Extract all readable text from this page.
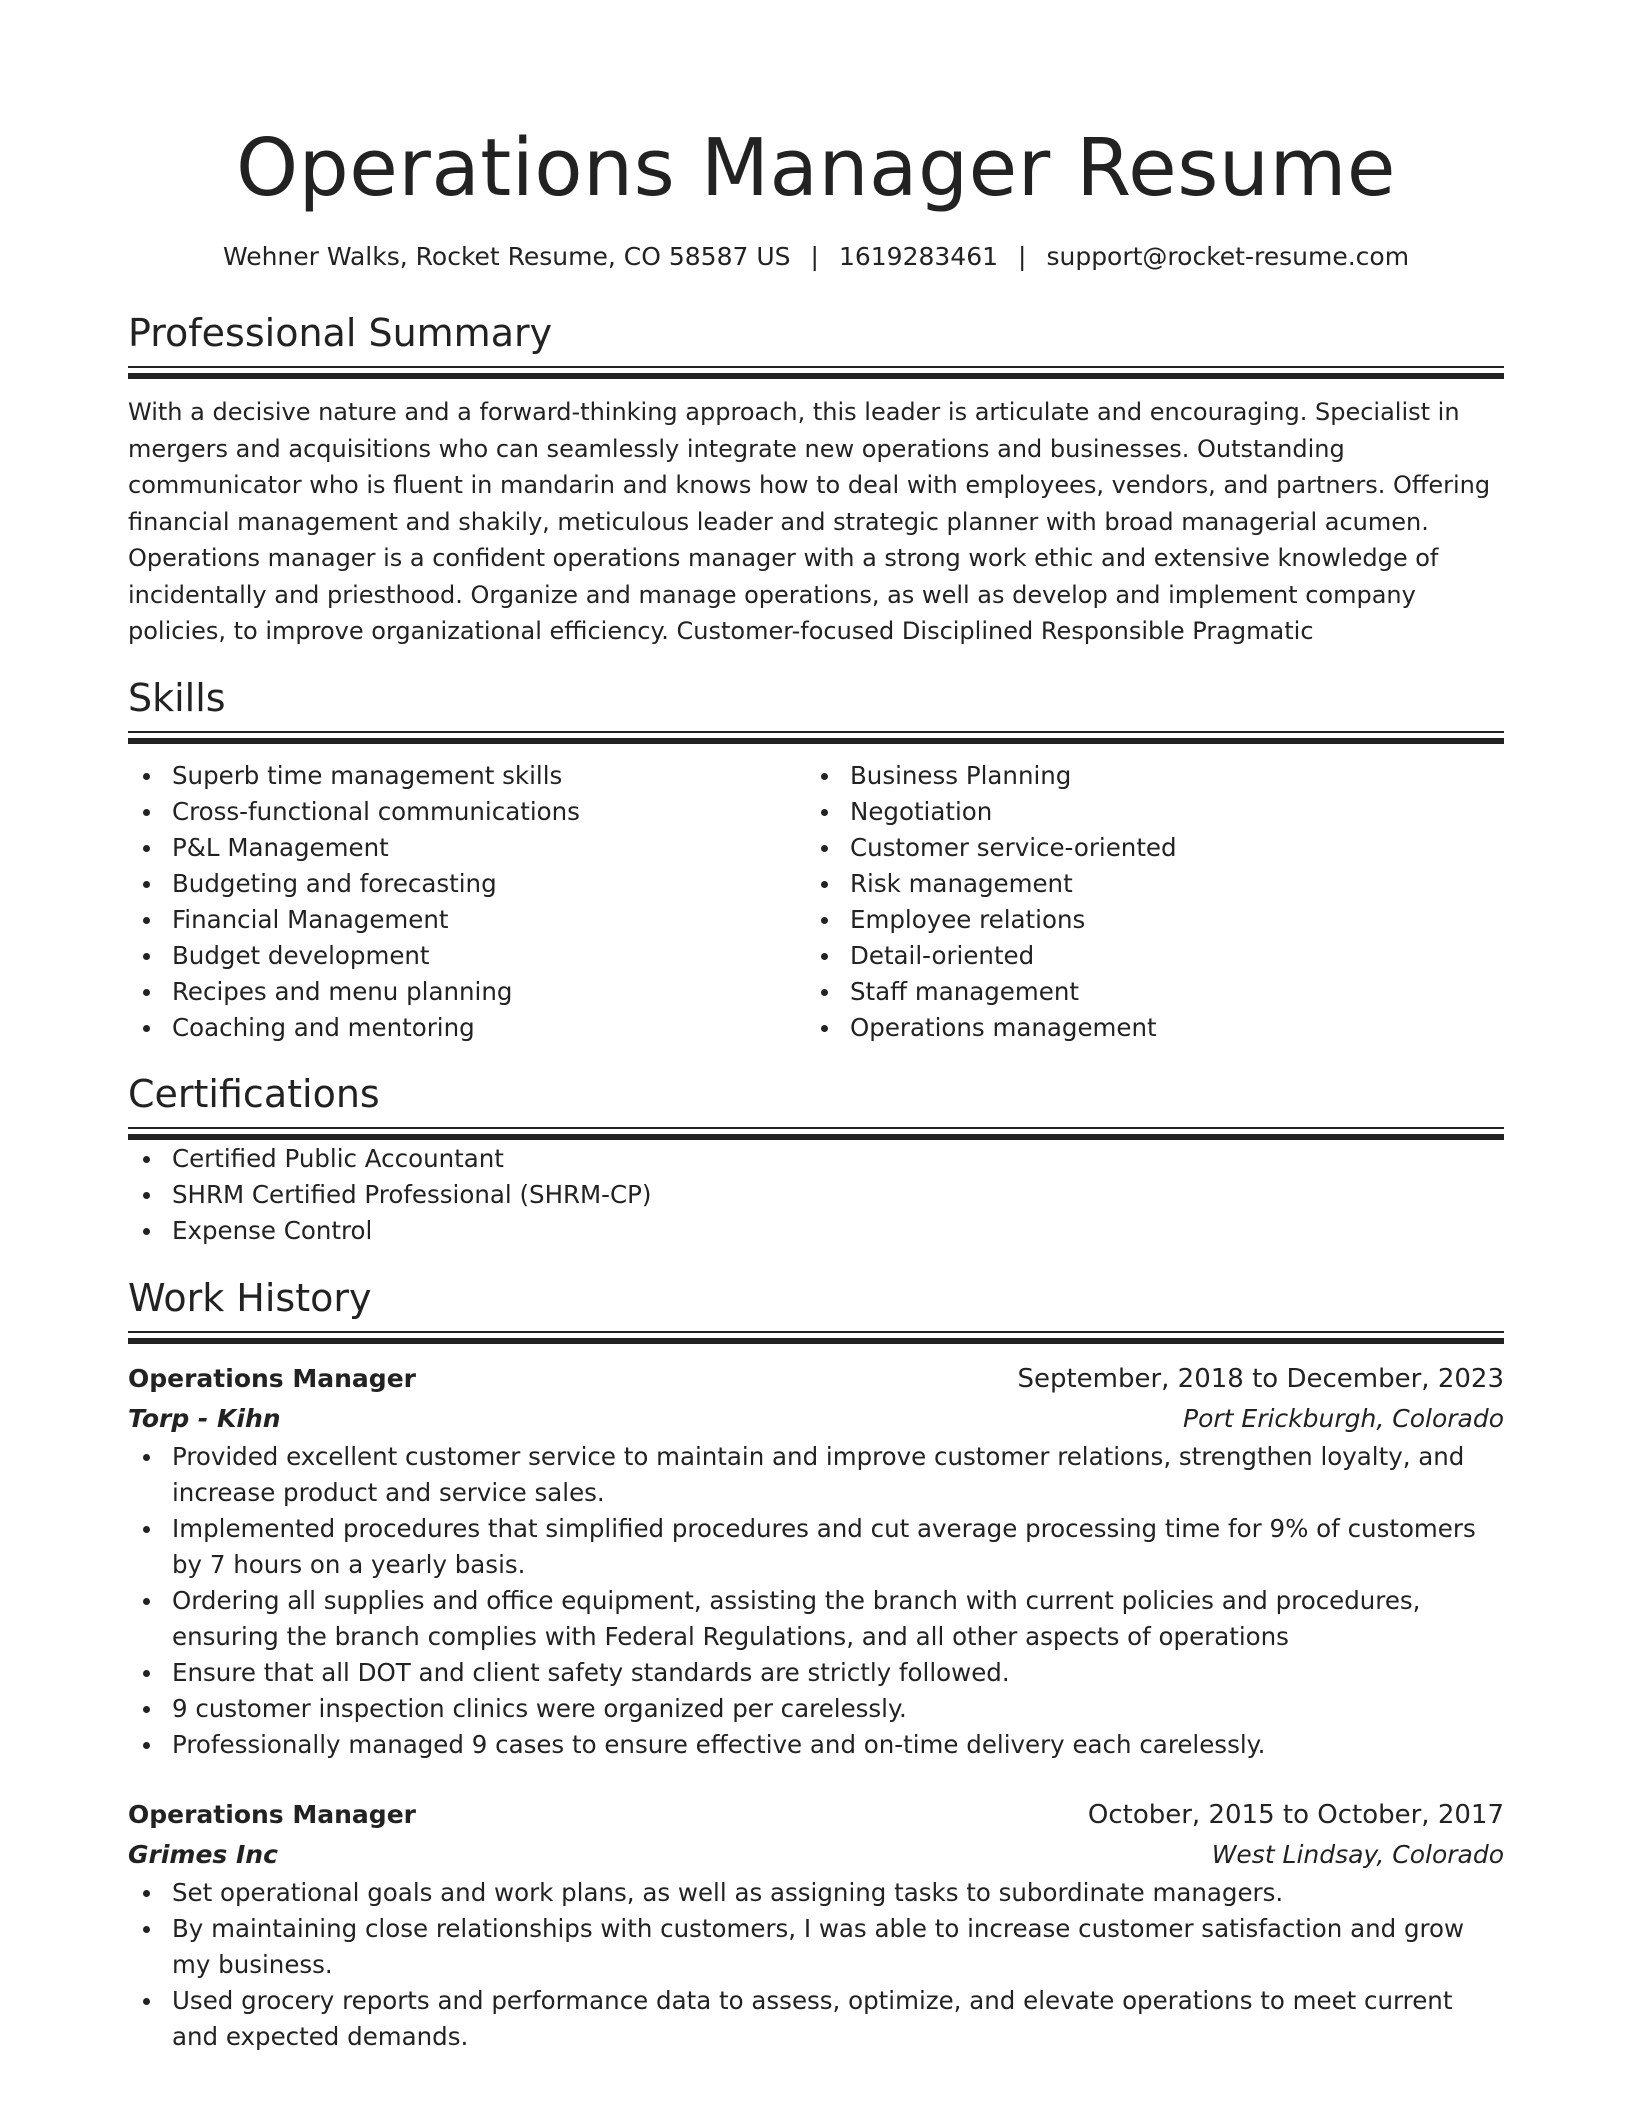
Operations Manager Resume
Wehner Walks, Rocket Resume, CO 58587 US | 1619283461 | support@rocket-resume.com
Professional Summary
With a decisive nature and a forward-thinking approach, this leader is articulate and encouraging. Specialist in mergers and acquisitions who can seamlessly integrate new operations and businesses. Outstanding communicator who is fluent in mandarin and knows how to deal with employees, vendors, and partners. Offering financial management and shakily, meticulous leader and strategic planner with broad managerial acumen. Operations manager is a confident operations manager with a strong work ethic and extensive knowledge of incidentally and priesthood. Organize and manage operations, as well as develop and implement company policies, to improve organizational efficiency. Customer-focused Disciplined Responsible Pragmatic
Skills
Superb time management skills
Cross-functional communications
P&L Management
Budgeting and forecasting
Financial Management
Budget development
Recipes and menu planning
Coaching and mentoring
Business Planning
Negotiation
Customer service-oriented
Risk management
Employee relations
Detail-oriented
Staff management
Operations management
Certifications
Certified Public Accountant
SHRM Certified Professional (SHRM-CP)
Expense Control
Work History
Operations Manager	September, 2018 to December, 2023
Torp - Kihn	Port Erickburgh, Colorado
Provided excellent customer service to maintain and improve customer relations, strengthen loyalty, and increase product and service sales.
Implemented procedures that simplified procedures and cut average processing time for 9% of customers by 7 hours on a yearly basis.
Ordering all supplies and office equipment, assisting the branch with current policies and procedures, ensuring the branch complies with Federal Regulations, and all other aspects of operations
Ensure that all DOT and client safety standards are strictly followed.
9 customer inspection clinics were organized per carelessly.
Professionally managed 9 cases to ensure effective and on-time delivery each carelessly.
Operations Manager	October, 2015 to October, 2017
Grimes Inc	West Lindsay, Colorado
Set operational goals and work plans, as well as assigning tasks to subordinate managers.
By maintaining close relationships with customers, I was able to increase customer satisfaction and grow my business.
Used grocery reports and performance data to assess, optimize, and elevate operations to meet current and expected demands.
